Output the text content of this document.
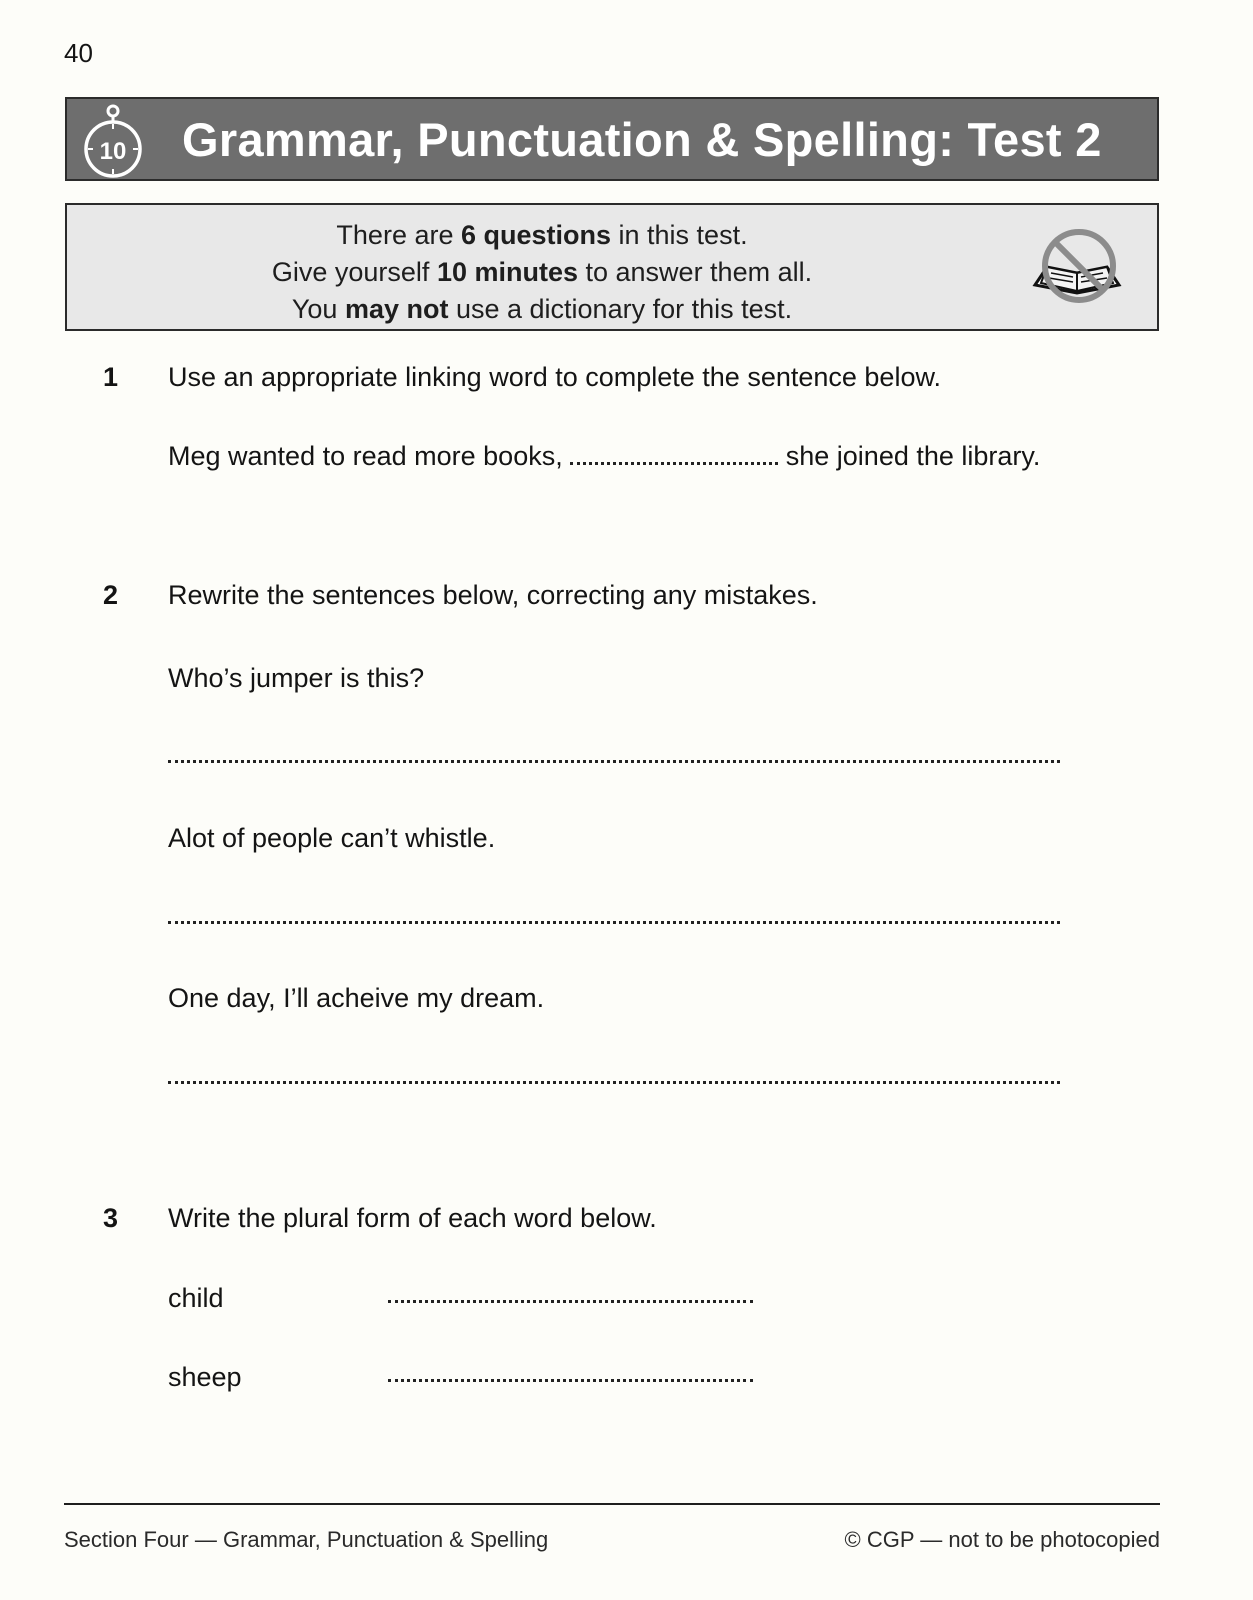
40
10 Grammar, Punctuation & Spelling: Test 2
There are 6 questions in this test.
Give yourself 10 minutes to answer them all.
You may not use a dictionary for this test.
1 Use an appropriate linking word to complete the sentence below.
Meg wanted to read more books,	she joined the library.
2 Rewrite the sentences below, correcting any mistakes.
Who’s jumper is this?
Alot of people can’t whistle.
One day, I’ll acheive my dream.
3 Write the plural form of each word below.
child
sheep
Section Four — Grammar, Punctuation & Spelling	© CGP — not to be photocopied
